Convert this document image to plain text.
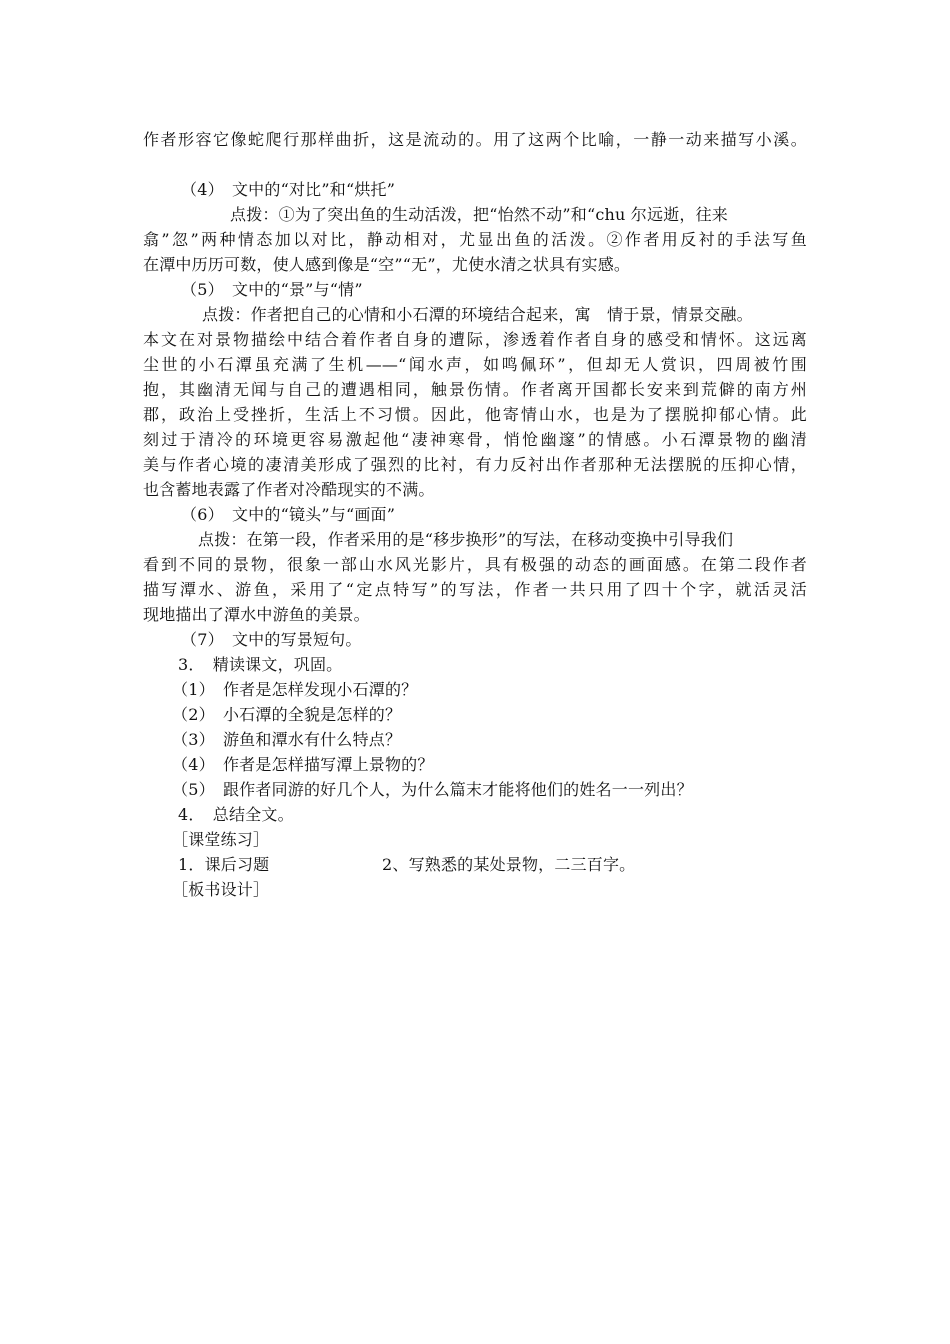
作者形容它像蛇爬行那样曲折，这是流动的。用了这两个比喻，一静一动来描写小溪。
（4）　文中的“对比”和“烘托”
点拨：①为了突出鱼的生动活泼，把“怡然不动”和“chu 尔远逝，往来
翕”忽”两种情态加以对比，静动相对，尤显出鱼的活泼。②作者用反衬的手法写鱼
在潭中历历可数，使人感到像是“空”“无”，尤使水清之状具有实感。
（5）　文中的“景”与“情”
点拨：作者把自己的心情和小石潭的环境结合起来，寓　情于景，情景交融。
本文在对景物描绘中结合着作者自身的遭际，渗透着作者自身的感受和情怀。这远离
尘世的小石潭虽充满了生机——“闻水声，如鸣佩环”，但却无人赏识，四周被竹围
抱，其幽清无闻与自己的遭遇相同，触景伤情。作者离开国都长安来到荒僻的南方州
郡，政治上受挫折，生活上不习惯。因此，他寄情山水，也是为了摆脱抑郁心情。此
刻过于清冷的环境更容易激起他“凄神寒骨，悄怆幽邃”的情感。小石潭景物的幽清
美与作者心境的凄清美形成了强烈的比衬，有力反衬出作者那种无法摆脱的压抑心情，
也含蓄地表露了作者对冷酷现实的不满。
（6）　文中的“镜头”与“画面”
点拨：在第一段，作者采用的是“移步换形”的写法，在移动变换中引导我们
看到不同的景物，很象一部山水风光影片，具有极强的动态的画面感。在第二段作者
描写潭水、游鱼，采用了“定点特写”的写法，作者一共只用了四十个字，就活灵活
现地描出了潭水中游鱼的美景。
（7）　文中的写景短句。
3．　精读课文，巩固。
（1）　作者是怎样发现小石潭的？
（2）　小石潭的全貌是怎样的？
（3）　游鱼和潭水有什么特点？
（4）　作者是怎样描写潭上景物的？
（5）　跟作者同游的好几个人，为什么篇末才能将他们的姓名一一列出？
4．　总结全文。
［课堂练习］
1．课后习题	2、写熟悉的某处景物，二三百字。
［板书设计］
